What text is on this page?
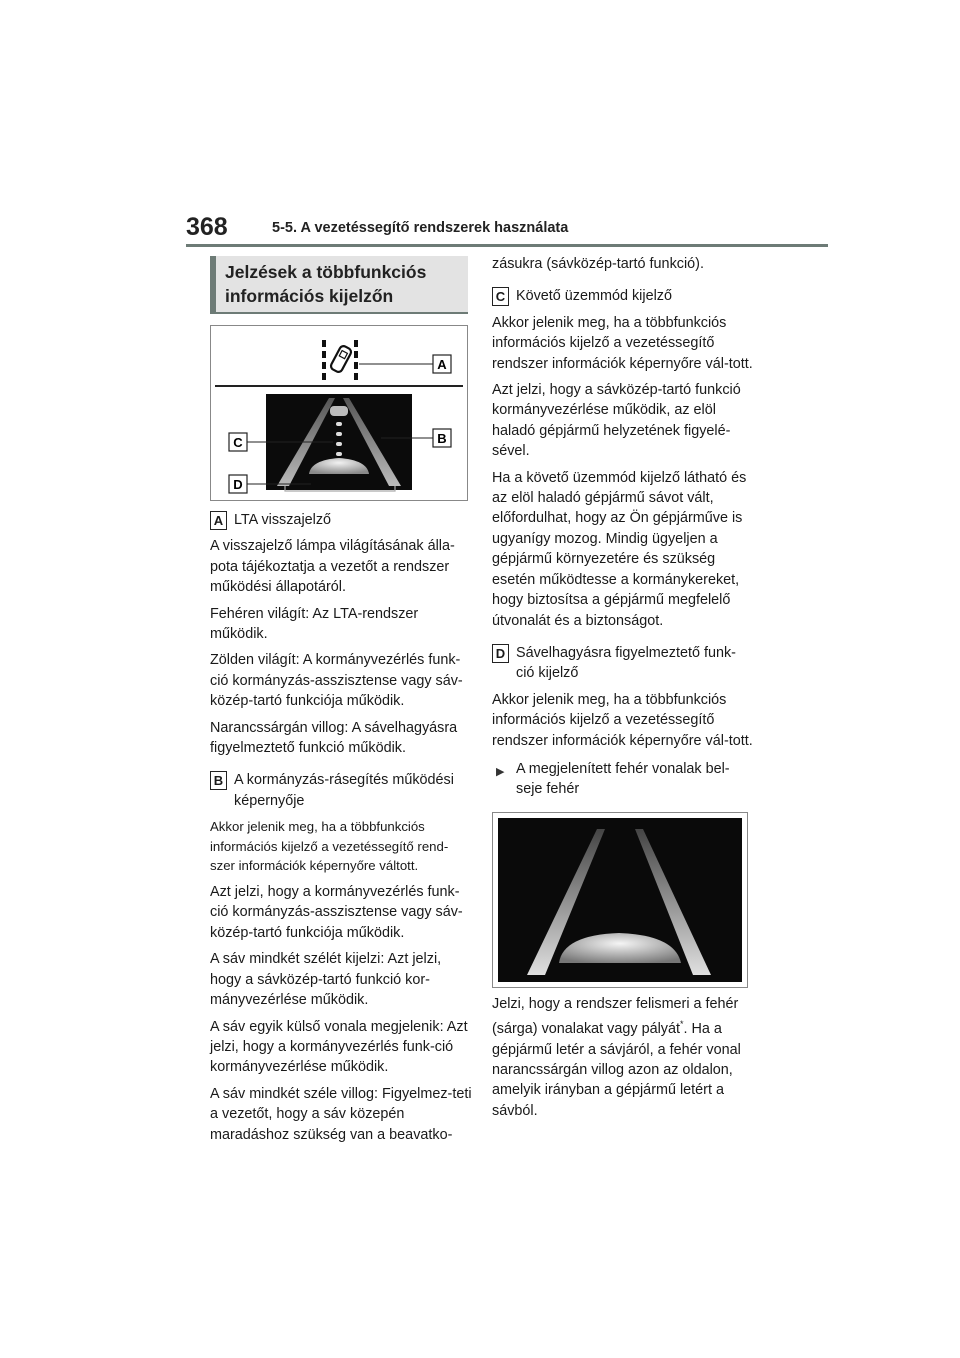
368	5-5. A vezetéssegítő rendszerek használata
Jelzések a többfunkciós
információs kijelzőn
A
B
C
D
A LTA visszajelző

A visszajelző lámpa világításának álla-pota tájékoztatja a vezetőt a rendszer működési állapotáról.

Fehéren világít: Az LTA-rendszer működik.

Zölden világít: A kormányvezérlés funk-ció kormányzás-asszisztense vagy sáv-közép-tartó funkciója működik.

Narancssárgán villog: A sávelhagyásra figyelmeztető funkció működik.

B A kormányzás-rásegítés működési képernyője

Akkor jelenik meg, ha a többfunkciós információs kijelző a vezetéssegítő rend-szer információk képernyőre váltott.

Azt jelzi, hogy a kormányvezérlés funk-ció kormányzás-asszisztense vagy sáv-közép-tartó funkciója működik.

A sáv mindkét szélét kijelzi: Azt jelzi, hogy a sávközép-tartó funkció kor-mányvezérlése működik.

A sáv egyik külső vonala megjelenik: Azt jelzi, hogy a kormányvezérlés funk-ció kormányvezérlése működik.

A sáv mindkét széle villog: Figyelmez-teti a vezetőt, hogy a sáv közepén maradáshoz szükség van a beavatko-

zásukra (sávközép-tartó funkció).

C Követő üzemmód kijelző

Akkor jelenik meg, ha a többfunkciós információs kijelző a vezetéssegítő rendszer információk képernyőre vál-tott.

Azt jelzi, hogy a sávközép-tartó funkció kormányvezérlése működik, az elöl haladó gépjármű helyzetének figyelé-sével.

Ha a követő üzemmód kijelző látható és az elöl haladó gépjármű sávot vált, előfordulhat, hogy az Ön gépjárműve is ugyanígy mozog. Mindig ügyeljen a gépjármű környezetére és szükség esetén működtesse a kormánykereket, hogy biztosítsa a gépjármű megfelelő útvonalát és a biztonságot.

D Sávelhagyásra figyelmeztető funk-ció kijelző

Akkor jelenik meg, ha a többfunkciós információs kijelző a vezetéssegítő rendszer információk képernyőre vál-tott.

▶ A megjelenített fehér vonalak bel-seje fehér

Jelzi, hogy a rendszer felismeri a fehér (sárga) vonalakat vagy pályát*. Ha a gépjármű letér a sávjáról, a fehér vonal narancssárgán villog azon az oldalon, amelyik irányban a gépjármű letért a sávból.
